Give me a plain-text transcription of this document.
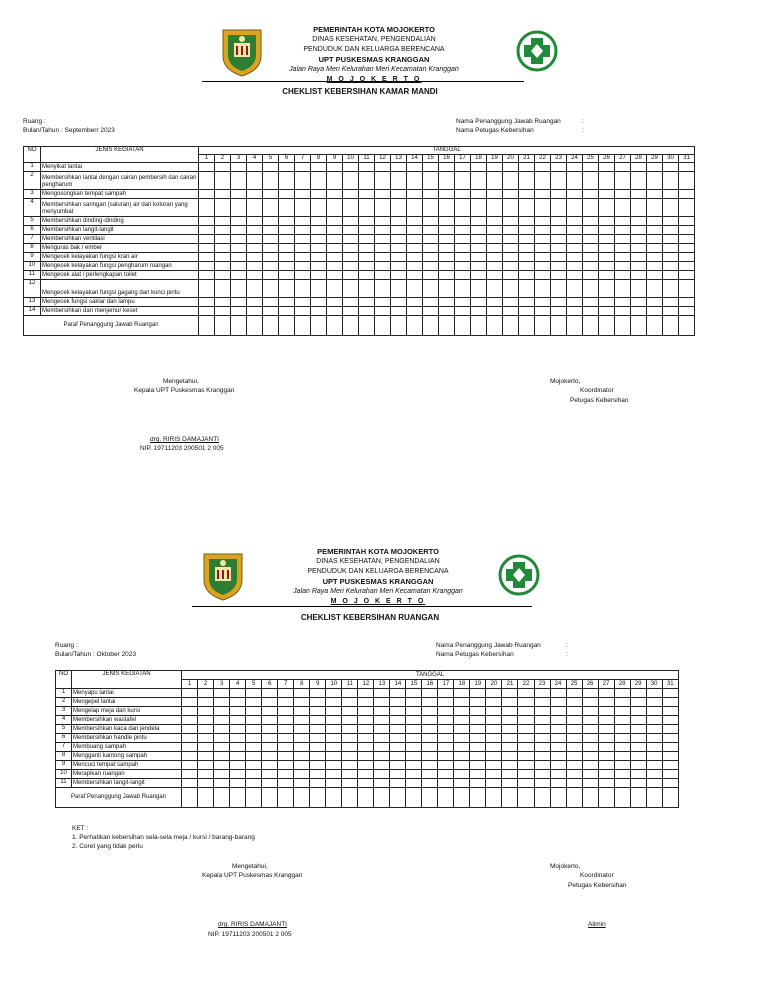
PEMERINTAH KOTA MOJOKERTO
DINAS KESEHATAN, PENGENDALIAN
PENDUDUK DAN KELUARGA BERENCANA
UPT PUSKESMAS KRANGGAN
Jalan Raya Meri Kelurahan Meri Kecamatan Kranggan
M O J O K E R T O
CHEKLIST KEBERSIHAN KAMAR MANDI
Ruang :
Bulan/Tahun : Septemberr 2023
Nama Penanggung Jawab Ruangan
Nama Petugas Kebersihan
:
:
NO	JENIS KEGIATAN	TANGGAL																														
		1	2	3	4	5	6	7	8	9	10	11	12	13	14	15	16	17	18	19	20	21	22	23	24	25	26	27	28	29	30	31
1	Menyikat lantai																															
2	Membersihkan lantai dengan cairan pembersih dan cairan pengharum																															
3	Mengosongkan tempat sampah																															
4	Membersihkan saringan (saluran) air dari kotoran yang menyumbat																															
5	Membersihkan dinding-dinding																															
6	Membersihkan langit-langit																															
7	Membersihkan ventilasi																															
8	Menguras bak / ember																															
9	Mengecek kelayakan fungsi kran air																															
10	Mengecek kelayakan fungsi pengharum ruangan																															
11	Mengecek alat / perlengkapan toilet																															
12	Mengecek kelayakan fungsi gagang dan kunci pintu																															
13	Mengecek fungsi saklar dan lampu																															
14	Membersihkan dan menjemur keset																															
Paraf Penanggung Jawab Ruangan																																
Mengetahui,
Kepala UPT Puskesmas Kranggan
Mojokerto,
Koordinator
Petugas Kebersihan
drg. RIRIS DAMAJANTI
NIP. 19711203 200501 2 005
PEMERINTAH KOTA MOJOKERTO
DINAS KESEHATAN, PENGENDALIAN
PENDUDUK DAN KELUARGA BERENCANA
UPT PUSKESMAS KRANGGAN
Jalan Raya Meri Kelurahan Meri Kecamatan Kranggan
M O J O K E R T O
CHEKLIST KEBERSIHAN RUANGAN
Ruang :
Bulan/Tahun : Oktober 2023
Nama Penanggung Jawab Ruangan
Nama Petugas Kebersihan
:
:
NO	JENIS KEGIATAN	TANGGAL																														
		1	2	3	4	5	6	7	8	9	10	11	12	13	14	15	16	17	18	19	20	21	22	23	24	25	26	27	28	29	30	31
1	Menyapu lantai																															
2	Mengepel lantai																															
3	Mengelap meja dan kursi																															
4	Membersihkan wastafel																															
5	Membersihkan kaca dan jendela																															
6	Membersihkan handle pintu																															
7	Membuang sampah																															
8	Mengganti kantong sampah																															
9	Mencuci tempat sampah																															
10	Merapikan ruangan																															
11	Membersihkan langit-langit																															
Paraf Penanggung Jawab Ruangan																																
KET :
1. Perhatikan kebersihan sela-sela meja / kursi / barang-barang
2. Coret yang tidak perlu
Mengetahui,
Kepala UPT Puskesmas Kranggan
Mojokerto,
Koordinator
Petugas Kebersihan
drg. RIRIS DAMAJANTI
NIP. 19711203 200501 2 005
Alimin
